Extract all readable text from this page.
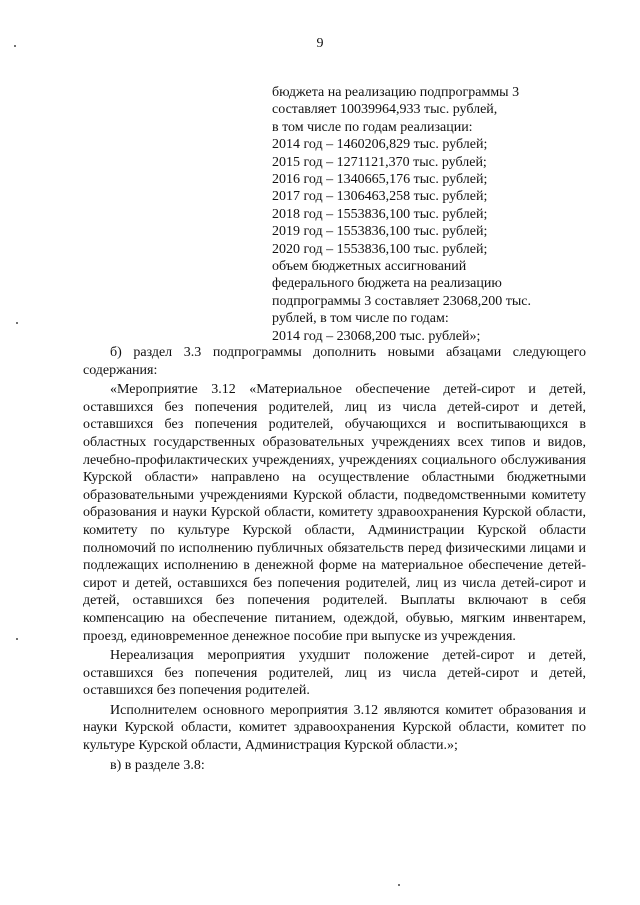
9
бюджета на реализацию подпрограммы 3
составляет 10039964,933 тыс. рублей,
в том числе по годам реализации:
2014 год – 1460206,829 тыс. рублей;
2015 год – 1271121,370 тыс. рублей;
2016 год – 1340665,176 тыс. рублей;
2017 год – 1306463,258 тыс. рублей;
2018 год – 1553836,100 тыс. рублей;
2019 год – 1553836,100 тыс. рублей;
2020 год – 1553836,100 тыс. рублей;
объем бюджетных ассигнований
федерального бюджета на реализацию
подпрограммы 3 составляет 23068,200 тыс.
рублей, в том числе по годам:
2014 год – 23068,200 тыс. рублей»;

б) раздел 3.3 подпрограммы дополнить новыми абзацами следующего содержания:

«Мероприятие 3.12 «Материальное обеспечение детей-сирот и детей, оставшихся без попечения родителей, лиц из числа детей-сирот и детей, оставшихся без попечения родителей, обучающихся и воспитывающихся в областных государственных образовательных учреждениях всех типов и видов, лечебно-профилактических учреждениях, учреждениях социального обслуживания Курской области» направлено на осуществление областными бюджетными образовательными учреждениями Курской области, подведомственными комитету образования и науки Курской области, комитету здравоохранения Курской области, комитету по культуре Курской области, Администрации Курской области полномочий по исполнению публичных обязательств перед физическими лицами и подлежащих исполнению в денежной форме на материальное обеспечение детей-сирот и детей, оставшихся без попечения родителей, лиц из числа детей-сирот и детей, оставшихся без попечения родителей. Выплаты включают в себя компенсацию на обеспечение питанием, одеждой, обувью, мягким инвентарем, проезд, единовременное денежное пособие при выпуске из учреждения.

Нереализация мероприятия ухудшит положение детей-сирот и детей, оставшихся без попечения родителей, лиц из числа детей-сирот и детей, оставшихся без попечения родителей.

Исполнителем основного мероприятия 3.12 являются комитет образования и науки Курской области, комитет здравоохранения Курской области, комитет по культуре Курской области, Администрация Курской области.»;

в) в разделе 3.8:
